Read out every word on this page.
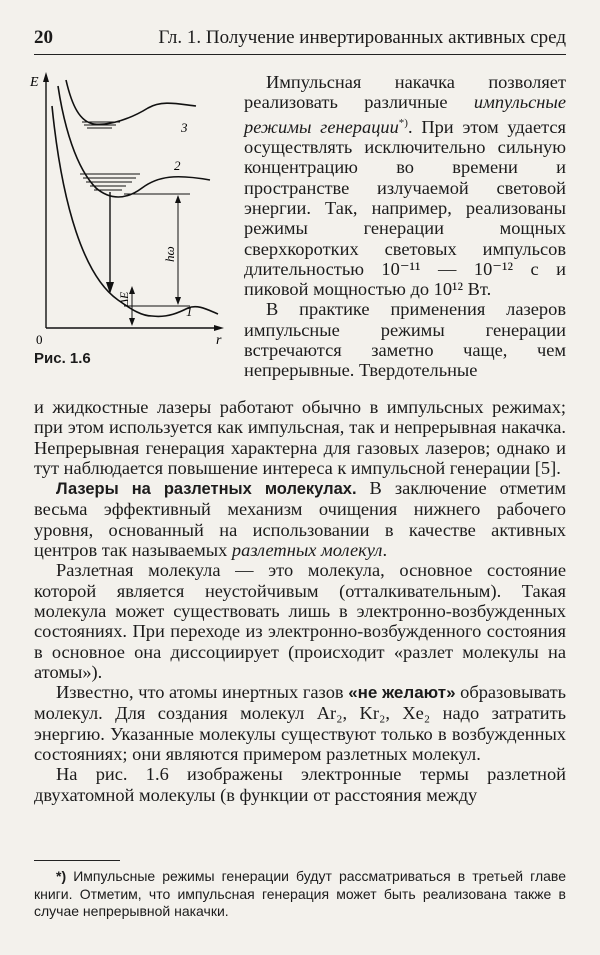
20	Гл. 1. Получение инвертированных активных сред
E
r
0
3
2
1
hω
ΔE
Рис. 1.6

Импульсная накачка позволяет реализовать различные импульсные режимы генерации*). При этом удается осуществлять исключительно сильную концентрацию во времени и пространстве излучаемой световой энергии. Так, например, реализованы режимы генерации мощных сверхкоротких световых импульсов длительностью 10⁻¹¹ — 10⁻¹² с и пиковой мощностью до 10¹² Вт.

В практике применения лазеров импульсные режимы генерации встречаются заметно чаще, чем непрерывные. Твердотельные

и жидкостные лазеры работают обычно в импульсных режимах; при этом используется как импульсная, так и непрерывная накачка. Непрерывная генерация характерна для газовых лазеров; однако и тут наблюдается повышение интереса к импульсной генерации [5].

Лазеры на разлетных молекулах. В заключение отметим весьма эффективный механизм очищения нижнего рабочего уровня, основанный на использовании в качестве активных центров так называемых разлетных молекул.

Разлетная молекула — это молекула, основное состояние которой является неустойчивым (отталкивательным). Такая молекула может существовать лишь в электронно-возбужденных состояниях. При переходе из электронно-возбужденного состояния в основное она диссоциирует (происходит «разлет молекулы на атомы»).

Известно, что атомы инертных газов «не желают» образовывать молекул. Для создания молекул Ar₂, Kr₂, Xe₂ надо затратить энергию. Указанные молекулы существуют только в возбужденных состояниях; они являются примером разлетных молекул.

На рис. 1.6 изображены электронные термы разлетной двухатомной молекулы (в функции от расстояния между

*) Импульсные режимы генерации будут рассматриваться в третьей главе книги. Отметим, что импульсная генерация может быть реализована также в случае непрерывной накачки.
